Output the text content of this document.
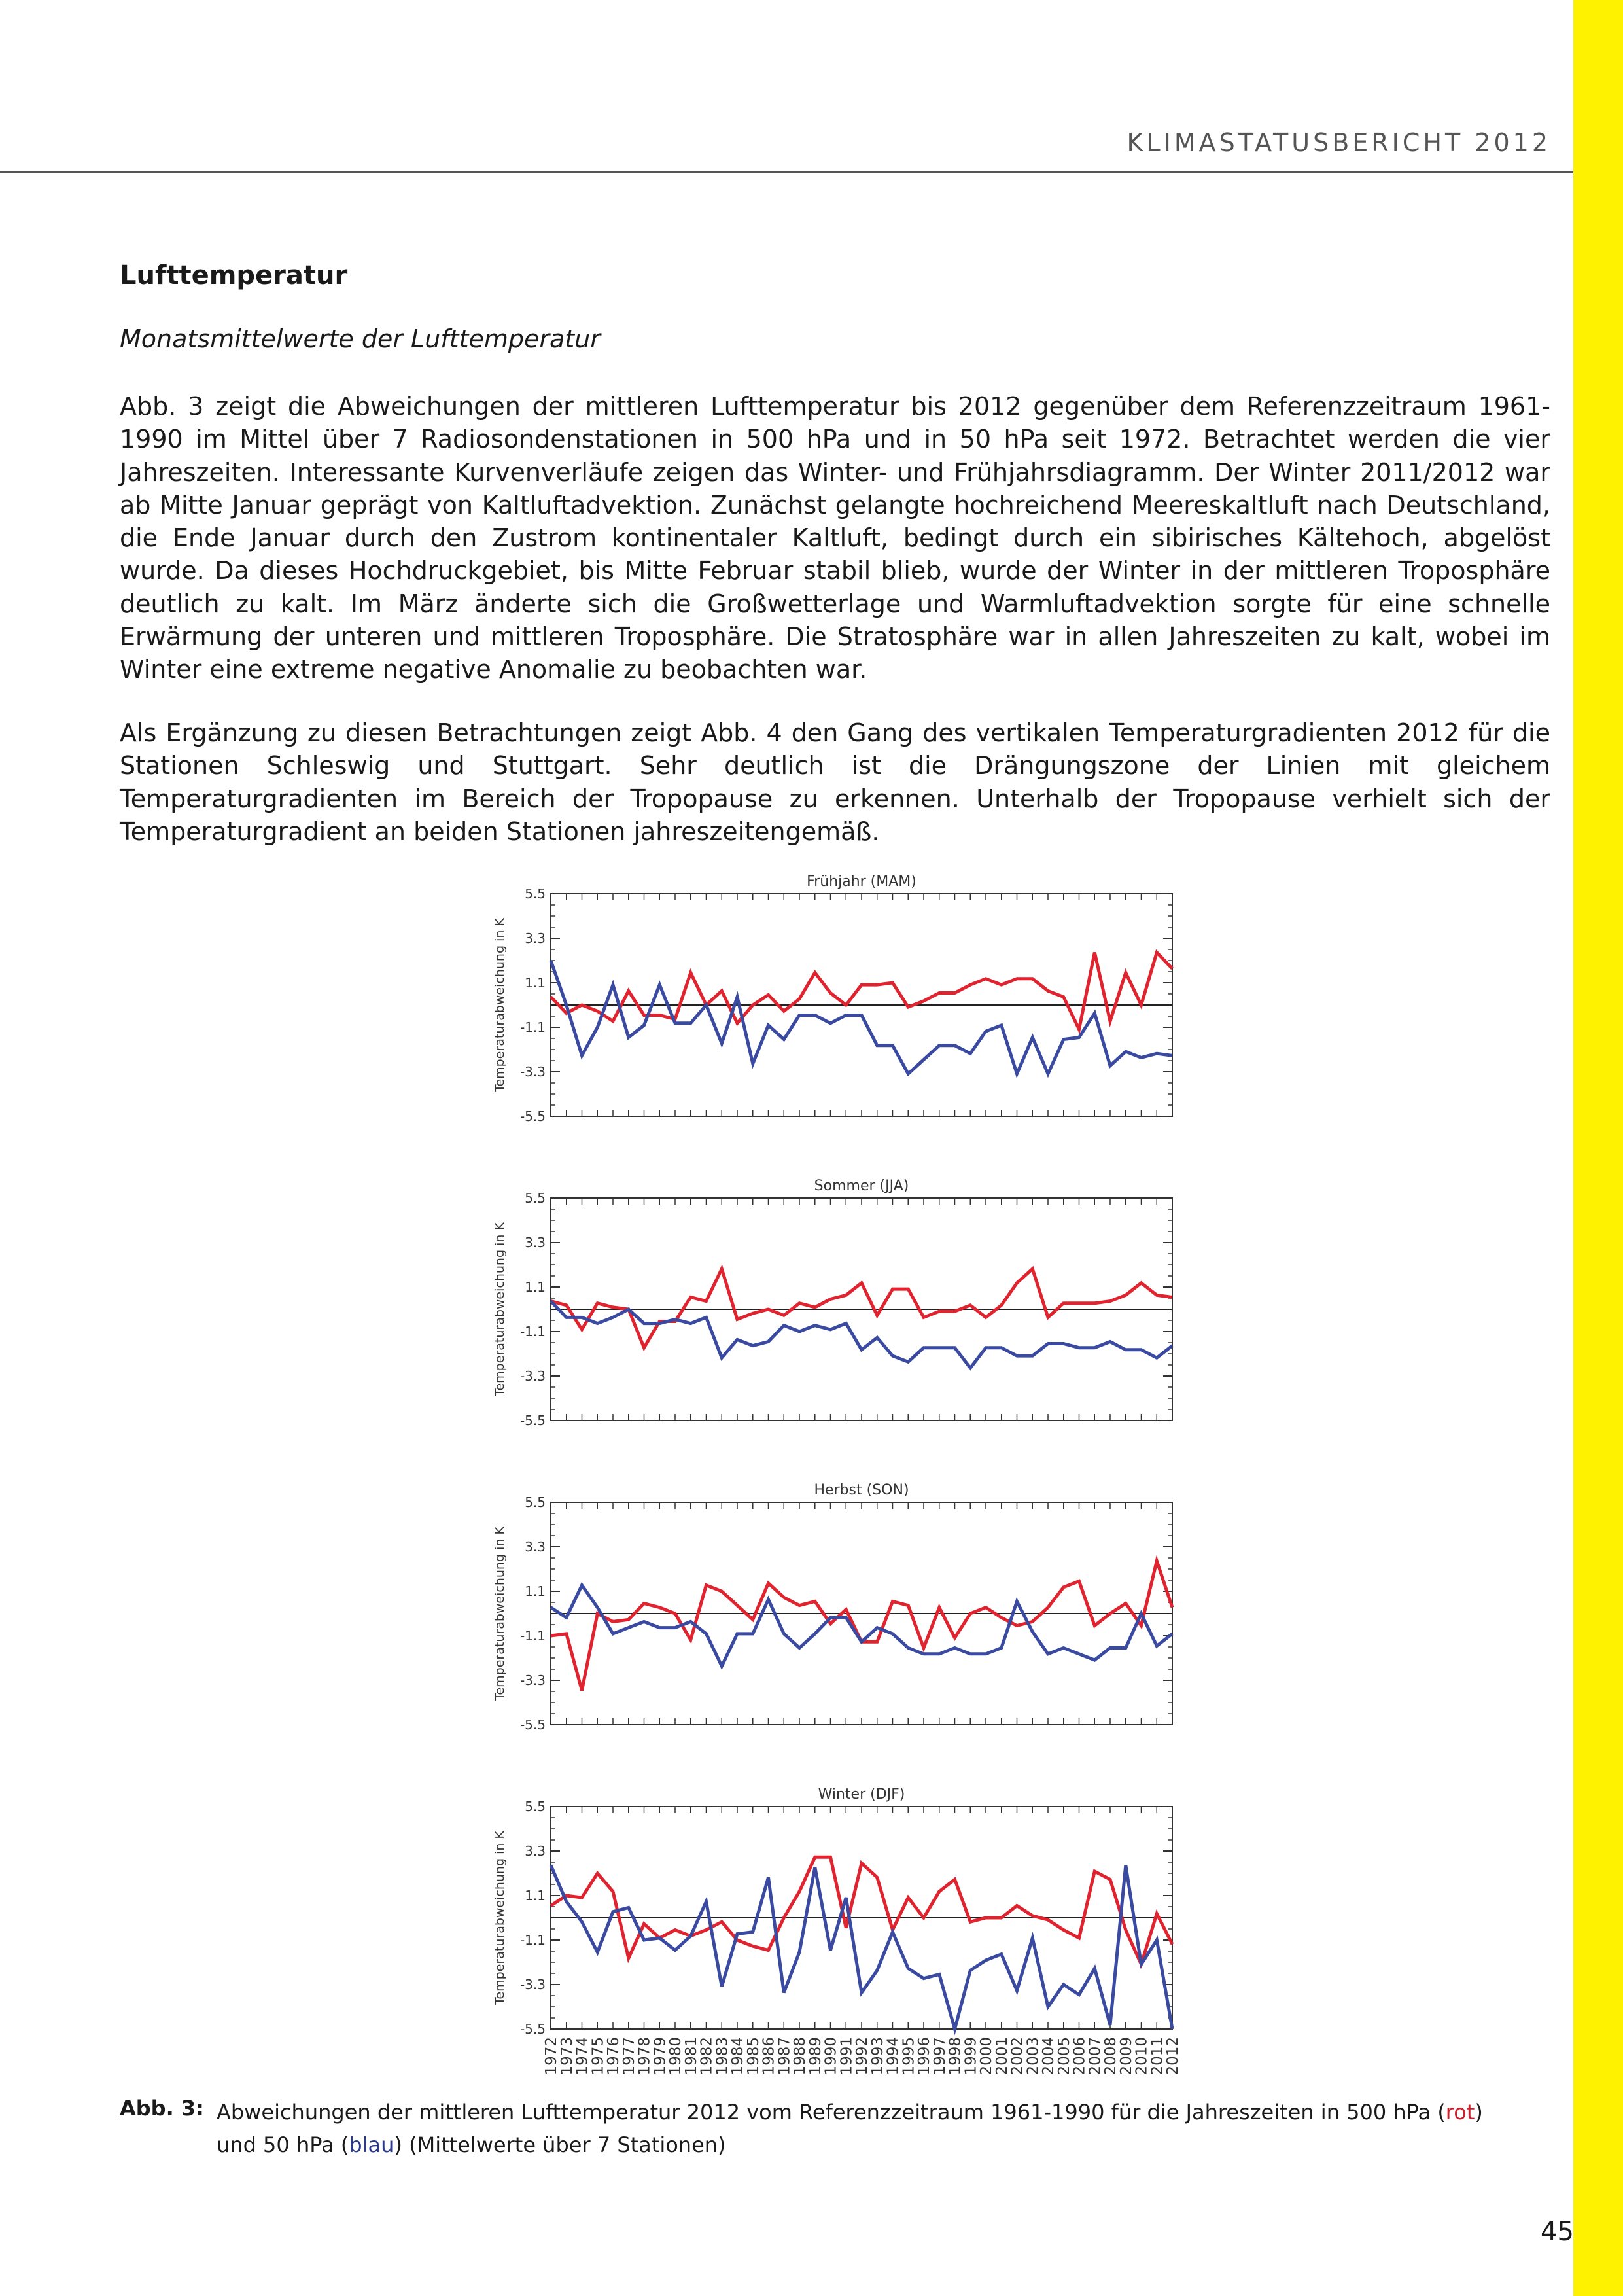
KLIMASTATUSBERICHT 2012
Lufttemperatur
Monatsmittelwerte der Lufttemperatur
Abb. 3 zeigt die Abweichungen der mittleren Lufttemperatur bis 2012 gegenüber dem Referenzzeitraum 1961-1990 im Mittel über 7 Radiosondenstationen in 500 hPa und in 50 hPa seit 1972. Betrachtet werden die vier Jahreszeiten. Interessante Kurvenverläufe zeigen das Winter- und Frühjahrsdiagramm. Der Winter 2011/2012 war ab Mitte Januar geprägt von Kaltluftadvektion. Zunächst gelangte hochreichend Meereskaltluft nach Deutschland, die Ende Januar durch den Zustrom kontinentaler Kaltluft, bedingt durch ein sibirisches Kältehoch, abgelöst wurde. Da dieses Hochdruckgebiet, bis Mitte Februar stabil blieb, wurde der Winter in der mittleren Troposphäre deutlich zu kalt. Im März änderte sich die Großwetterlage und Warmluftadvektion sorgte für eine schnelle Erwärmung der unteren und mittleren Troposphäre. Die Stratosphäre war in allen Jahreszeiten zu kalt, wobei im Winter eine extreme negative Anomalie zu beobachten war.
Als Ergänzung zu diesen Betrachtungen zeigt Abb. 4 den Gang des vertikalen Temperaturgradienten 2012 für die Stationen Schleswig und Stuttgart. Sehr deutlich ist die Drängungszone der Linien mit gleichem Temperaturgradienten im Bereich der Tropopause zu erkennen. Unterhalb der Tropopause verhielt sich der Temperaturgradient an beiden Stationen jahreszeitengemäß.
Frühjahr (MAM)
5.5
3.3
1.1
-1.1
-3.3
-5.5
Temperaturabweichung in K
Sommer (JJA)
5.5
3.3
1.1
-1.1
-3.3
-5.5
Temperaturabweichung in K
Herbst (SON)
5.5
3.3
1.1
-1.1
-3.3
-5.5
Temperaturabweichung in K
Winter (DJF)
5.5
3.3
1.1
-1.1
-3.3
-5.5
Temperaturabweichung in K
1972
1973
1974
1975
1976
1977
1978
1979
1980
1981
1982
1983
1984
1985
1986
1987
1988
1989
1990
1991
1992
1993
1994
1995
1996
1997
1998
1999
2000
2001
2002
2003
2004
2005
2006
2007
2008
2009
2010
2011
2012
Abb. 3: Abweichungen der mittleren Lufttemperatur 2012 vom Referenzzeitraum 1961-1990 für die Jahreszeiten in 500 hPa (rot) und 50 hPa (blau) (Mittelwerte über 7 Stationen)
45
